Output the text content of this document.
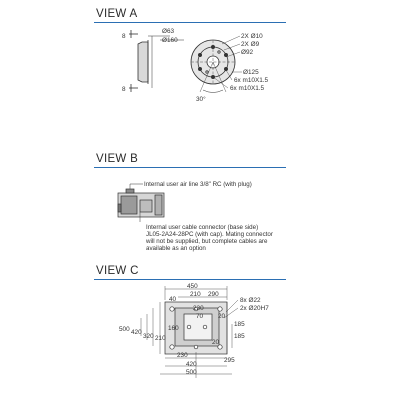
VIEW A
8
8
Ø63
Ø160
2X Ø10
2X Ø9
Ø92
Ø125
6x m10X1.5
6x m10X1.5
30°
Internal user air line 3/8" RC (with plug)
Internal user cable connector (base side)
JL05-2A24-28PC (with cap). Mating connector
will not be supplied, but complete cables are
available as an option
450
210 290
40	8x Ø22
2x Ø20H7
230
70 20
185
185
500 420
320 210
160
20
295
230
420
500
VIEW B
VIEW C
